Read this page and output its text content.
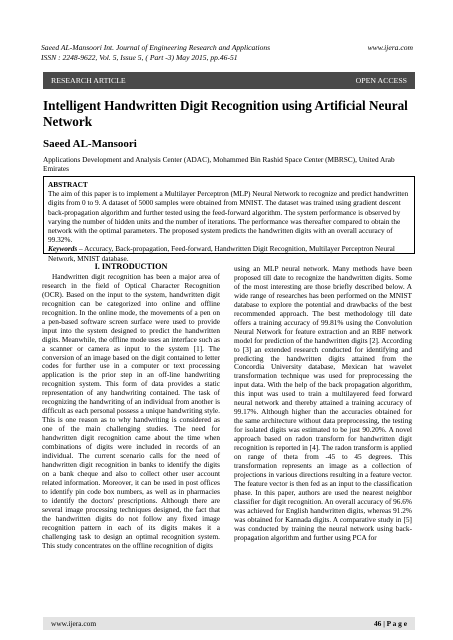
Saeed AL-Mansoori Int. Journal of Engineering Research and Applications	www.ijera.com
ISSN : 2248-9622, Vol. 5, Issue 5, ( Part -3) May 2015, pp.46-51
RESEARCH ARTICLE	OPEN ACCESS
Intelligent Handwritten Digit Recognition using Artificial Neural Network
Saeed AL-Mansoori
Applications Development and Analysis Center (ADAC), Mohammed Bin Rashid Space Center (MBRSC), United Arab Emirates
ABSTRACT
The aim of this paper is to implement a Multilayer Perceptron (MLP) Neural Network to recognize and predict handwritten digits from 0 to 9. A dataset of 5000 samples were obtained from MNIST. The dataset was trained using gradient descent back-propagation algorithm and further tested using the feed-forward algorithm. The system performance is observed by varying the number of hidden units and the number of iterations. The performance was thereafter compared to obtain the network with the optimal parameters. The proposed system predicts the handwritten digits with an overall accuracy of 99.32%.
Keywords – Accuracy, Back-propagation, Feed-forward, Handwritten Digit Recognition, Multilayer Perceptron Neural Network, MNIST database.
I. INTRODUCTION

Handwritten digit recognition has been a major area of research in the field of Optical Character Recognition (OCR). Based on the input to the system, handwritten digit recognition can be categorized into online and offline recognition. In the online mode, the movements of a pen on a pen-based software screen surface were used to provide input into the system designed to predict the handwritten digits. Meanwhile, the offline mode uses an interface such as a scanner or camera as input to the system [1]. The conversion of an image based on the digit contained to letter codes for further use in a computer or text processing application is the prior step in an off-line handwriting recognition system. This form of data provides a static representation of any handwriting contained. The task of recognizing the handwriting of an individual from another is difficult as each personal possess a unique handwriting style. This is one reason as to why handwriting is considered as one of the main challenging studies. The need for handwritten digit recognition came about the time when combinations of digits were included in records of an individual. The current scenario calls for the need of handwritten digit recognition in banks to identify the digits on a bank cheque and also to collect other user account related information. Moreover, it can be used in post offices to identify pin code box numbers, as well as in pharmacies to identify the doctors' prescriptions. Although there are several image processing techniques designed, the fact that the handwritten digits do not follow any fixed image recognition pattern in each of its digits makes it a challenging task to design an optimal recognition system. This study concentrates on the offline recognition of digits

using an MLP neural network. Many methods have been proposed till date to recognize the handwritten digits. Some of the most interesting are those briefly described below. A wide range of researches has been performed on the MNIST database to explore the potential and drawbacks of the best recommended approach. The best methodology till date offers a training accuracy of 99.81% using the Convolution Neural Network for feature extraction and an RBF network model for prediction of the handwritten digits [2]. According to [3] an extended research conducted for identifying and predicting the handwritten digits attained from the Concordia University database, Mexican hat wavelet transformation technique was used for preprocessing the input data. With the help of the back propagation algorithm, this input was used to train a multilayered feed forward neural network and thereby attained a training accuracy of 99.17%. Although higher than the accuracies obtained for the same architecture without data preprocessing, the testing for isolated digits was estimated to be just 90.20%. A novel approach based on radon transform for handwritten digit recognition is reported in [4]. The radon transform is applied on range of theta from -45 to 45 degrees. This transformation represents an image as a collection of projections in various directions resulting in a feature vector. The feature vector is then fed as an input to the classification phase. In this paper, authors are used the nearest neighbor classifier for digit recognition. An overall accuracy of 96.6% was achieved for English handwritten digits, whereas 91.2% was obtained for Kannada digits. A comparative study in [5] was conducted by training the neural network using back-propagation algorithm and further using PCA for

www.ijera.com	46 | P a g e
